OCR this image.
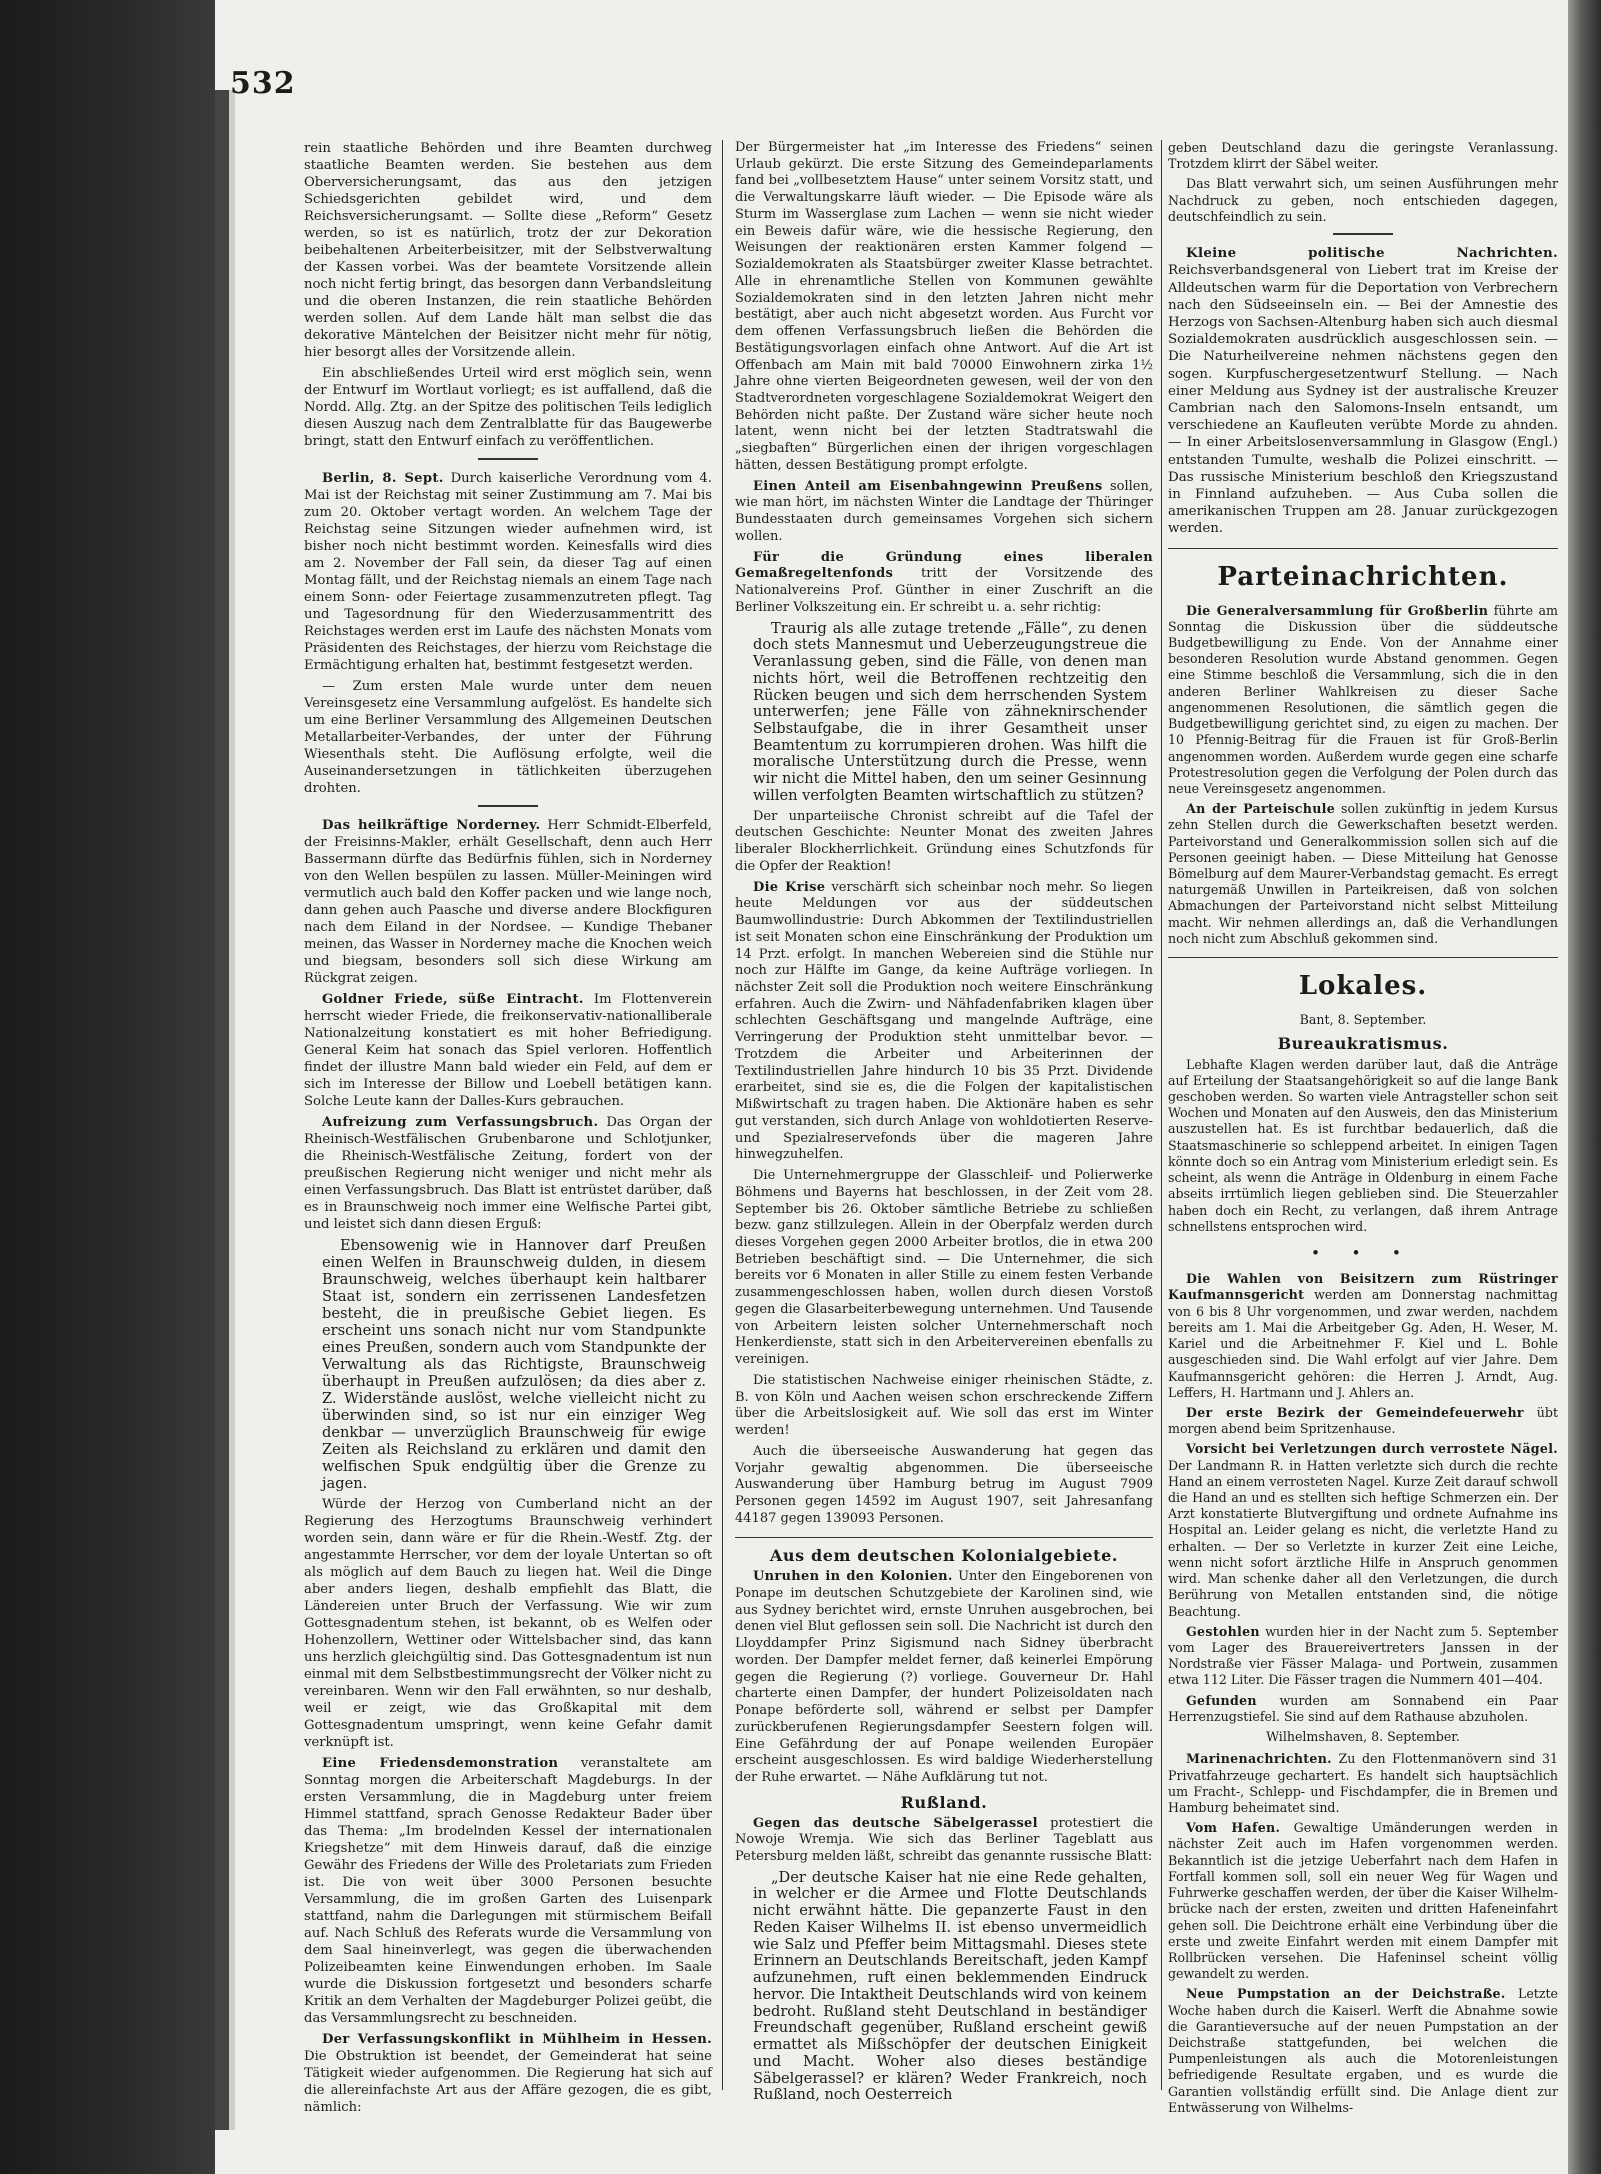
532

rein staatliche Behörden und ihre Beamten durchweg staatliche Beamten werden. Sie bestehen aus dem Oberversicherungsamt, das aus den jetzigen Schiedsgerichten gebildet wird, und dem Reichsversicherungsamt. — Sollte diese „Reform“ Gesetz werden, so ist es natürlich, trotz der zur Dekoration beibehaltenen Arbeiterbeisitzer, mit der Selbstverwaltung der Kassen vorbei. Was der beamtete Vorsitzende allein noch nicht fertig bringt, das besorgen dann Verbandsleitung und die oberen Instanzen, die rein staatliche Behörden werden sollen. Auf dem Lande hält man selbst die das dekorative Mäntelchen der Beisitzer nicht mehr für nötig, hier besorgt alles der Vorsitzende allein.

Ein abschließendes Urteil wird erst möglich sein, wenn der Entwurf im Wortlaut vorliegt; es ist auffallend, daß die Nordd. Allg. Ztg. an der Spitze des politischen Teils lediglich diesen Auszug nach dem Zentralblatte für das Baugewerbe bringt, statt den Entwurf einfach zu veröffentlichen.

Berlin, 8. Sept. Durch kaiserliche Verordnung vom 4. Mai ist der Reichstag mit seiner Zustimmung am 7. Mai bis zum 20. Oktober vertagt worden. An welchem Tage der Reichstag seine Sitzungen wieder aufnehmen wird, ist bisher noch nicht bestimmt worden. Keinesfalls wird dies am 2. November der Fall sein, da dieser Tag auf einen Montag fällt, und der Reichstag niemals an einem Tage nach einem Sonn- oder Feiertage zusammenzutreten pflegt. Tag und Tagesordnung für den Wiederzusammentritt des Reichstages werden erst im Laufe des nächsten Monats vom Präsidenten des Reichstages, der hierzu vom Reichstage die Ermächtigung erhalten hat, bestimmt festgesetzt werden.

— Zum ersten Male wurde unter dem neuen Vereinsgesetz eine Versammlung aufgelöst. Es handelte sich um eine Berliner Versammlung des Allgemeinen Deutschen Metallarbeiter-Verbandes, der unter der Führung Wiesenthals steht. Die Auflösung erfolgte, weil die Auseinandersetzungen in tätlichkeiten überzugehen drohten.

Das heilkräftige Norderney. Herr Schmidt-Elberfeld, der Freisinns-Makler, erhält Gesellschaft, denn auch Herr Bassermann dürfte das Bedürfnis fühlen, sich in Norderney von den Wellen bespülen zu lassen. Müller-Meiningen wird vermutlich auch bald den Koffer packen und wie lange noch, dann gehen auch Paasche und diverse andere Blockfiguren nach dem Eiland in der Nordsee. — Kundige Thebaner meinen, das Wasser in Norderney mache die Knochen weich und biegsam, besonders soll sich diese Wirkung am Rückgrat zeigen.

Goldner Friede, süße Eintracht. Im Flottenverein herrscht wieder Friede, die freikonservativ-nationalliberale Nationalzeitung konstatiert es mit hoher Befriedigung. General Keim hat sonach das Spiel verloren. Hoffentlich findet der illustre Mann bald wieder ein Feld, auf dem er sich im Interesse der Billow und Loebell betätigen kann. Solche Leute kann der Dalles-Kurs gebrauchen.

Aufreizung zum Verfassungsbruch. Das Organ der Rheinisch-Westfälischen Grubenbarone und Schlotjunker, die Rheinisch-Westfälische Zeitung, fordert von der preußischen Regierung nicht weniger und nicht mehr als einen Verfassungsbruch. Das Blatt ist entrüstet darüber, daß es in Braunschweig noch immer eine Welfische Partei gibt, und leistet sich dann diesen Erguß:

Ebensowenig wie in Hannover darf Preußen einen Welfen in Braunschweig dulden, in diesem Braunschweig, welches überhaupt kein haltbarer Staat ist, sondern ein zerrissenen Landesfetzen besteht, die in preußische Gebiet liegen. Es erscheint uns sonach nicht nur vom Standpunkte eines Preußen, sondern auch vom Standpunkte der Verwaltung als das Richtigste, Braunschweig überhaupt in Preußen aufzulösen; da dies aber z. Z. Widerstände auslöst, welche vielleicht nicht zu überwinden sind, so ist nur ein einziger Weg denkbar — unverzüglich Braunschweig für ewige Zeiten als Reichsland zu erklären und damit den welfischen Spuk endgültig über die Grenze zu jagen.

Würde der Herzog von Cumberland nicht an der Regierung des Herzogtums Braunschweig verhindert worden sein, dann wäre er für die Rhein.-Westf. Ztg. der angestammte Herrscher, vor dem der loyale Untertan so oft als möglich auf dem Bauch zu liegen hat. Weil die Dinge aber anders liegen, deshalb empfiehlt das Blatt, die Ländereien unter Bruch der Verfassung. Wie wir zum Gottesgnadentum stehen, ist bekannt, ob es Welfen oder Hohenzollern, Wettiner oder Wittelsbacher sind, das kann uns herzlich gleichgültig sind. Das Gottesgnadentum ist nun einmal mit dem Selbstbestimmungsrecht der Völker nicht zu vereinbaren. Wenn wir den Fall erwähnten, so nur deshalb, weil er zeigt, wie das Großkapital mit dem Gottesgnadentum umspringt, wenn keine Gefahr damit verknüpft ist.

Eine Friedensdemonstration veranstaltete am Sonntag morgen die Arbeiterschaft Magdeburgs. In der ersten Versammlung, die in Magdeburg unter freiem Himmel stattfand, sprach Genosse Redakteur Bader über das Thema: „Im brodelnden Kessel der internationalen Kriegshetze“ mit dem Hinweis darauf, daß die einzige Gewähr des Friedens der Wille des Proletariats zum Frieden ist. Die von weit über 3000 Personen besuchte Versammlung, die im großen Garten des Luisenpark stattfand, nahm die Darlegungen mit stürmischem Beifall auf. Nach Schluß des Referats wurde die Versammlung von dem Saal hineinverlegt, was gegen die überwachenden Polizeibeamten keine Einwendungen erhoben. Im Saale wurde die Diskussion fortgesetzt und besonders scharfe Kritik an dem Verhalten der Magdeburger Polizei geübt, die das Versammlungsrecht zu beschneiden.

Der Verfassungskonflikt in Mühlheim in Hessen. Die Obstruktion ist beendet, der Gemeinderat hat seine Tätigkeit wieder aufgenommen. Die Regierung hat sich auf die allereinfachste Art aus der Affäre gezogen, die es gibt, nämlich:

Der Bürgermeister hat „im Interesse des Friedens“ seinen Urlaub gekürzt. Die erste Sitzung des Gemeindeparlaments fand bei „vollbesetztem Hause“ unter seinem Vorsitz statt, und die Verwaltungskarre läuft wieder. — Die Episode wäre als Sturm im Wasserglase zum Lachen — wenn sie nicht wieder ein Beweis dafür wäre, wie die hessische Regierung, den Weisungen der reaktionären ersten Kammer folgend — Sozialdemokraten als Staatsbürger zweiter Klasse betrachtet. Alle in ehrenamtliche Stellen von Kommunen gewählte Sozialdemokraten sind in den letzten Jahren nicht mehr bestätigt, aber auch nicht abgesetzt worden. Aus Furcht vor dem offenen Verfassungsbruch ließen die Behörden die Bestätigungsvorlagen einfach ohne Antwort. Auf die Art ist Offenbach am Main mit bald 70000 Einwohnern zirka 1½ Jahre ohne vierten Beigeordneten gewesen, weil der von den Stadtverordneten vorgeschlagene Sozialdemokrat Weigert den Behörden nicht paßte. Der Zustand wäre sicher heute noch latent, wenn nicht bei der letzten Stadtratswahl die „siegbaften“ Bürgerlichen einen der ihrigen vorgeschlagen hätten, dessen Bestätigung prompt erfolgte.

Einen Anteil am Eisenbahngewinn Preußens sollen, wie man hört, im nächsten Winter die Landtage der Thüringer Bundesstaaten durch gemeinsames Vorgehen sich sichern wollen.

Für die Gründung eines liberalen Gemaßregeltenfonds tritt der Vorsitzende des Nationalvereins Prof. Günther in einer Zuschrift an die Berliner Volkszeitung ein. Er schreibt u. a. sehr richtig:

Traurig als alle zutage tretende „Fälle“, zu denen doch stets Mannesmut und Ueberzeugungstreue die Veranlassung geben, sind die Fälle, von denen man nichts hört, weil die Betroffenen rechtzeitig den Rücken beugen und sich dem herrschenden System unterwerfen; jene Fälle von zähneknirschender Selbstaufgabe, die in ihrer Gesamtheit unser Beamtentum zu korrumpieren drohen. Was hilft die moralische Unterstützung durch die Presse, wenn wir nicht die Mittel haben, den um seiner Gesinnung willen verfolgten Beamten wirtschaftlich zu stützen?

Der unparteiische Chronist schreibt auf die Tafel der deutschen Geschichte: Neunter Monat des zweiten Jahres liberaler Blockherrlichkeit. Gründung eines Schutzfonds für die Opfer der Reaktion!

Die Krise verschärft sich scheinbar noch mehr. So liegen heute Meldungen vor aus der süddeutschen Baumwollindustrie: Durch Abkommen der Textilindustriellen ist seit Monaten schon eine Einschränkung der Produktion um 14 Przt. erfolgt. In manchen Webereien sind die Stühle nur noch zur Hälfte im Gange, da keine Aufträge vorliegen. In nächster Zeit soll die Produktion noch weitere Einschränkung erfahren. Auch die Zwirn- und Nähfadenfabriken klagen über schlechten Geschäftsgang und mangelnde Aufträge, eine Verringerung der Produktion steht unmittelbar bevor. — Trotzdem die Arbeiter und Arbeiterinnen der Textilindustriellen Jahre hindurch 10 bis 35 Przt. Dividende erarbeitet, sind sie es, die die Folgen der kapitalistischen Mißwirtschaft zu tragen haben. Die Aktionäre haben es sehr gut verstanden, sich durch Anlage von wohldotierten Reserve- und Spezialreservefonds über die mageren Jahre hinwegzuhelfen.

Die Unternehmergruppe der Glasschleif- und Polierwerke Böhmens und Bayerns hat beschlossen, in der Zeit vom 28. September bis 26. Oktober sämtliche Betriebe zu schließen bezw. ganz stillzulegen. Allein in der Oberpfalz werden durch dieses Vorgehen gegen 2000 Arbeiter brotlos, die in etwa 200 Betrieben beschäftigt sind. — Die Unternehmer, die sich bereits vor 6 Monaten in aller Stille zu einem festen Verbande zusammengeschlossen haben, wollen durch diesen Vorstoß gegen die Glasarbeiterbewegung unternehmen. Und Tausende von Arbeitern leisten solcher Unternehmerschaft noch Henkerdienste, statt sich in den Arbeitervereinen ebenfalls zu vereinigen.

Die statistischen Nachweise einiger rheinischen Städte, z. B. von Köln und Aachen weisen schon erschreckende Ziffern über die Arbeitslosigkeit auf. Wie soll das erst im Winter werden!

Auch die überseeische Auswanderung hat gegen das Vorjahr gewaltig abgenommen. Die überseeische Auswanderung über Hamburg betrug im August 7909 Personen gegen 14592 im August 1907, seit Jahresanfang 44187 gegen 139093 Personen.

Aus dem deutschen Kolonialgebiete.

Unruhen in den Kolonien. Unter den Eingeborenen von Ponape im deutschen Schutzgebiete der Karolinen sind, wie aus Sydney berichtet wird, ernste Unruhen ausgebrochen, bei denen viel Blut geflossen sein soll. Die Nachricht ist durch den Lloyddampfer Prinz Sigismund nach Sidney überbracht worden. Der Dampfer meldet ferner, daß keinerlei Empörung gegen die Regierung (?) vorliege. Gouverneur Dr. Hahl charterte einen Dampfer, der hundert Polizeisoldaten nach Ponape beförderte soll, während er selbst per Dampfer zurückberufenen Regierungsdampfer Seestern folgen will. Eine Gefährdung der auf Ponape weilenden Europäer erscheint ausgeschlossen. Es wird baldige Wiederherstellung der Ruhe erwartet. — Nähe Aufklärung tut not.

Rußland.

Gegen das deutsche Säbelgerassel protestiert die Nowoje Wremja. Wie sich das Berliner Tageblatt aus Petersburg melden läßt, schreibt das genannte russische Blatt:

„Der deutsche Kaiser hat nie eine Rede gehalten, in welcher er die Armee und Flotte Deutschlands nicht erwähnt hätte. Die gepanzerte Faust in den Reden Kaiser Wilhelms II. ist ebenso unvermeidlich wie Salz und Pfeffer beim Mittagsmahl. Dieses stete Erinnern an Deutschlands Bereitschaft, jeden Kampf aufzunehmen, ruft einen beklemmenden Eindruck hervor. Die Intaktheit Deutschlands wird von keinem bedroht. Rußland steht Deutschland in beständiger Freundschaft gegenüber, Rußland erscheint gewiß ermattet als Mißschöpfer der deutschen Einigkeit und Macht. Woher also dieses beständige Säbelgerassel? er klären? Weder Frankreich, noch Rußland, noch Oesterreich

geben Deutschland dazu die geringste Veranlassung. Trotzdem klirrt der Säbel weiter.

Das Blatt verwahrt sich, um seinen Ausführungen mehr Nachdruck zu geben, noch entschieden dagegen, deutschfeindlich zu sein.

Kleine politische Nachrichten. Reichsverbandsgeneral von Liebert trat im Kreise der Alldeutschen warm für die Deportation von Verbrechern nach den Südseeinseln ein. — Bei der Amnestie des Herzogs von Sachsen-Altenburg haben sich auch diesmal Sozialdemokraten ausdrücklich ausgeschlossen sein. — Die Naturheilvereine nehmen nächstens gegen den sogen. Kurpfuschergesetzentwurf Stellung. — Nach einer Meldung aus Sydney ist der australische Kreuzer Cambrian nach den Salomons-Inseln entsandt, um verschiedene an Kaufleuten verübte Morde zu ahnden. — In einer Arbeitslosenversammlung in Glasgow (Engl.) entstanden Tumulte, weshalb die Polizei einschritt. — Das russische Ministerium beschloß den Kriegszustand in Finnland aufzuheben. — Aus Cuba sollen die amerikanischen Truppen am 28. Januar zurückgezogen werden.

Parteinachrichten.

Die Generalversammlung für Großberlin führte am Sonntag die Diskussion über die süddeutsche Budgetbewilligung zu Ende. Von der Annahme einer besonderen Resolution wurde Abstand genommen. Gegen eine Stimme beschloß die Versammlung, sich die in den anderen Berliner Wahlkreisen zu dieser Sache angenommenen Resolutionen, die sämtlich gegen die Budgetbewilligung gerichtet sind, zu eigen zu machen. Der 10 Pfennig-Beitrag für die Frauen ist für Groß-Berlin angenommen worden. Außerdem wurde gegen eine scharfe Protestresolution gegen die Verfolgung der Polen durch das neue Vereinsgesetz angenommen.

An der Parteischule sollen zukünftig in jedem Kursus zehn Stellen durch die Gewerkschaften besetzt werden. Parteivorstand und Generalkommission sollen sich auf die Personen geeinigt haben. — Diese Mitteilung hat Genosse Bömelburg auf dem Maurer-Verbandstag gemacht. Es erregt naturgemäß Unwillen in Parteikreisen, daß von solchen Abmachungen der Parteivorstand nicht selbst Mitteilung macht. Wir nehmen allerdings an, daß die Verhandlungen noch nicht zum Abschluß gekommen sind.

Lokales.
Bant, 8. September.
Bureaukratismus.

Lebhafte Klagen werden darüber laut, daß die Anträge auf Erteilung der Staatsangehörigkeit so auf die lange Bank geschoben werden. So warten viele Antragsteller schon seit Wochen und Monaten auf den Ausweis, den das Ministerium auszustellen hat. Es ist furchtbar bedauerlich, daß die Staatsmaschinerie so schleppend arbeitet. In einigen Tagen könnte doch so ein Antrag vom Ministerium erledigt sein. Es scheint, als wenn die Anträge in Oldenburg in einem Fache abseits irrtümlich liegen geblieben sind. Die Steuerzahler haben doch ein Recht, zu verlangen, daß ihrem Antrage schnellstens entsprochen wird.

• • •

Die Wahlen von Beisitzern zum Rüstringer Kaufmannsgericht werden am Donnerstag nachmittag von 6 bis 8 Uhr vorgenommen, und zwar werden, nachdem bereits am 1. Mai die Arbeitgeber Gg. Aden, H. Weser, M. Kariel und die Arbeitnehmer F. Kiel und L. Bohle ausgeschieden sind. Die Wahl erfolgt auf vier Jahre. Dem Kaufmannsgericht gehören: die Herren J. Arndt, Aug. Leffers, H. Hartmann und J. Ahlers an.

Der erste Bezirk der Gemeindefeuerwehr übt morgen abend beim Spritzenhause.

Vorsicht bei Verletzungen durch verrostete Nägel. Der Landmann R. in Hatten verletzte sich durch die rechte Hand an einem verrosteten Nagel. Kurze Zeit darauf schwoll die Hand an und es stellten sich heftige Schmerzen ein. Der Arzt konstatierte Blutvergiftung und ordnete Aufnahme ins Hospital an. Leider gelang es nicht, die verletzte Hand zu erhalten. — Der so Verletzte in kurzer Zeit eine Leiche, wenn nicht sofort ärztliche Hilfe in Anspruch genommen wird. Man schenke daher all den Verletzungen, die durch Berührung von Metallen entstanden sind, die nötige Beachtung.

Gestohlen wurden hier in der Nacht zum 5. September vom Lager des Brauereivertreters Janssen in der Nordstraße vier Fässer Malaga- und Portwein, zusammen etwa 112 Liter. Die Fässer tragen die Nummern 401—404.

Gefunden wurden am Sonnabend ein Paar Herrenzugstiefel. Sie sind auf dem Rathause abzuholen.

Wilhelmshaven, 8. September.

Marinenachrichten. Zu den Flottenmanövern sind 31 Privatfahrzeuge gechartert. Es handelt sich hauptsächlich um Fracht-, Schlepp- und Fischdampfer, die in Bremen und Hamburg beheimatet sind.

Vom Hafen. Gewaltige Umänderungen werden in nächster Zeit auch im Hafen vorgenommen werden. Bekanntlich ist die jetzige Ueberfahrt nach dem Hafen in Fortfall kommen soll, soll ein neuer Weg für Wagen und Fuhrwerke geschaffen werden, der über die Kaiser Wilhelm-brücke nach der ersten, zweiten und dritten Hafeneinfahrt gehen soll. Die Deichtrone erhält eine Verbindung über die erste und zweite Einfahrt werden mit einem Dampfer mit Rollbrücken versehen. Die Hafeninsel scheint völlig gewandelt zu werden.

Neue Pumpstation an der Deichstraße. Letzte Woche haben durch die Kaiserl. Werft die Abnahme sowie die Garantieversuche auf der neuen Pumpstation an der Deichstraße stattgefunden, bei welchen die Pumpenleistungen als auch die Motorenleistungen befriedigende Resultate ergaben, und es wurde die Garantien vollständig erfüllt sind. Die Anlage dient zur Entwässerung von Wilhelms-
